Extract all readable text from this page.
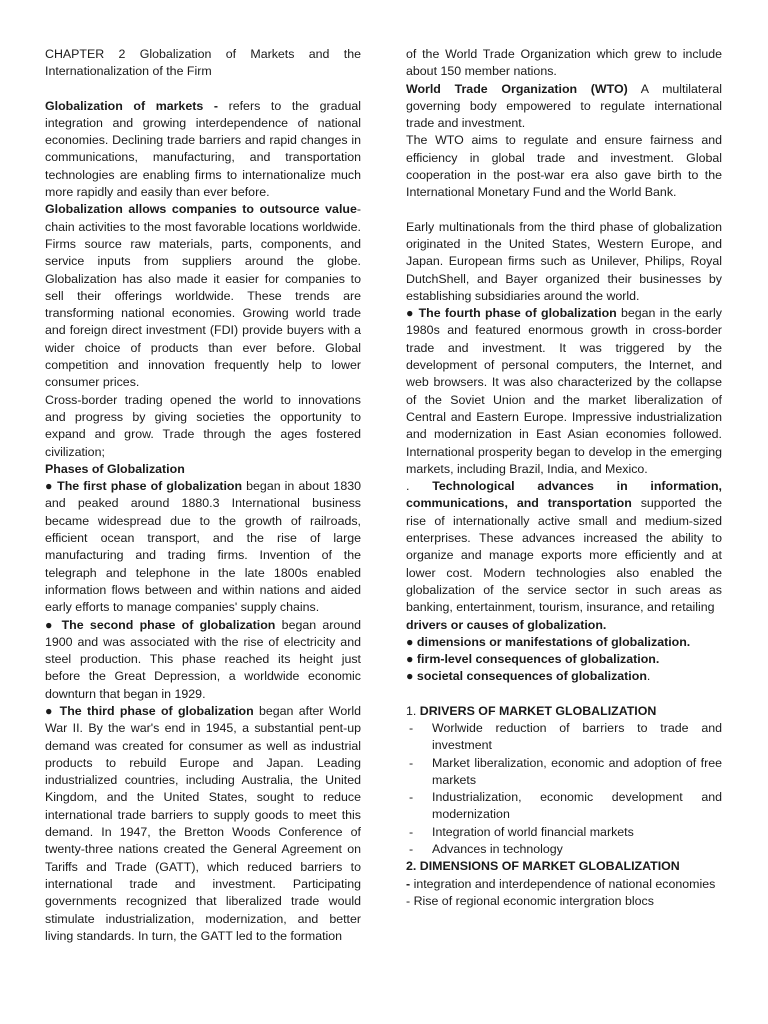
CHAPTER 2 Globalization of Markets and the Internationalization of the Firm

Globalization of markets - refers to the gradual integration and growing interdependence of national economies. Declining trade barriers and rapid changes in communications, manufacturing, and transportation technologies are enabling firms to internationalize much more rapidly and easily than ever before.

Globalization allows companies to outsource value-chain activities to the most favorable locations worldwide. Firms source raw materials, parts, components, and service inputs from suppliers around the globe. Globalization has also made it easier for companies to sell their offerings worldwide. These trends are transforming national economies. Growing world trade and foreign direct investment (FDI) provide buyers with a wider choice of products than ever before. Global competition and innovation frequently help to lower consumer prices.

Cross-border trading opened the world to innovations and progress by giving societies the opportunity to expand and grow. Trade through the ages fostered civilization;

Phases of Globalization

● The first phase of globalization began in about 1830 and peaked around 1880.3 International business became widespread due to the growth of railroads, efficient ocean transport, and the rise of large manufacturing and trading firms. Invention of the telegraph and telephone in the late 1800s enabled information flows between and within nations and aided early efforts to manage companies' supply chains.

● The second phase of globalization began around 1900 and was associated with the rise of electricity and steel production. This phase reached its height just before the Great Depression, a worldwide economic downturn that began in 1929.

● The third phase of globalization began after World War II. By the war's end in 1945, a substantial pent-up demand was created for consumer as well as industrial products to rebuild Europe and Japan. Leading industrialized countries, including Australia, the United Kingdom, and the United States, sought to reduce international trade barriers to supply goods to meet this demand. In 1947, the Bretton Woods Conference of twenty-three nations created the General Agreement on Tariffs and Trade (GATT), which reduced barriers to international trade and investment. Participating governments recognized that liberalized trade would stimulate industrialization, modernization, and better living standards. In turn, the GATT led to the formation

of the World Trade Organization which grew to include about 150 member nations.

World Trade Organization (WTO) A multilateral governing body empowered to regulate international trade and investment.

The WTO aims to regulate and ensure fairness and efficiency in global trade and investment. Global cooperation in the post-war era also gave birth to the International Monetary Fund and the World Bank.

Early multinationals from the third phase of globalization originated in the United States, Western Europe, and Japan. European firms such as Unilever, Philips, Royal DutchShell, and Bayer organized their businesses by establishing subsidiaries around the world.

● The fourth phase of globalization began in the early 1980s and featured enormous growth in cross-border trade and investment. It was triggered by the development of personal computers, the Internet, and web browsers. It was also characterized by the collapse of the Soviet Union and the market liberalization of Central and Eastern Europe. Impressive industrialization and modernization in East Asian economies followed. International prosperity began to develop in the emerging markets, including Brazil, India, and Mexico.

. Technological advances in information, communications, and transportation supported the rise of internationally active small and medium-sized enterprises. These advances increased the ability to organize and manage exports more efficiently and at lower cost. Modern technologies also enabled the globalization of the service sector in such areas as banking, entertainment, tourism, insurance, and retailing

drivers or causes of globalization.

● dimensions or manifestations of globalization.

● firm-level consequences of globalization.

● societal consequences of globalization.

1. DRIVERS OF MARKET GLOBALIZATION

-	Worlwide reduction of barriers to trade and investment
-	Market liberalization, economic and adoption of free markets
-	Industrialization, economic development and modernization
-	Integration of world financial markets
-	Advances in technology

2. DIMENSIONS OF MARKET GLOBALIZATION

- integration and interdependence of national economies

- Rise of regional economic intergration blocs
